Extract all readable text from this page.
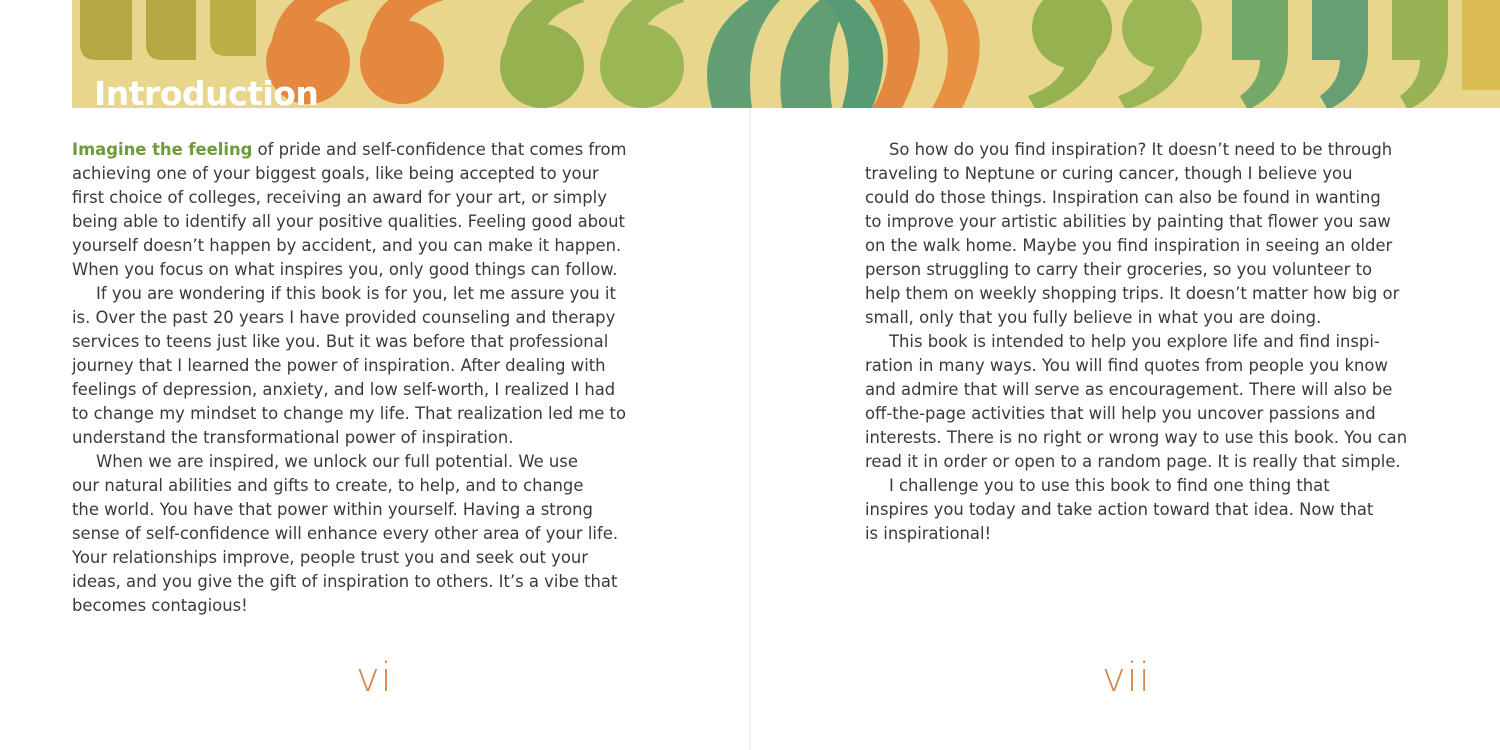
Introduction

Imagine the feeling of pride and self-confidence that comes from
achieving one of your biggest goals, like being accepted to your
first choice of colleges, receiving an award for your art, or simply
being able to identify all your positive qualities. Feeling good about
yourself doesn’t happen by accident, and you can make it happen.
When you focus on what inspires you, only good things can follow.

If you are wondering if this book is for you, let me assure you it
is. Over the past 20 years I have provided counseling and therapy
services to teens just like you. But it was before that professional
journey that I learned the power of inspiration. After dealing with
feelings of depression, anxiety, and low self-worth, I realized I had
to change my mindset to change my life. That realization led me to
understand the transformational power of inspiration.

When we are inspired, we unlock our full potential. We use
our natural abilities and gifts to create, to help, and to change
the world. You have that power within yourself. Having a strong
sense of self-confidence will enhance every other area of your life.
Your relationships improve, people trust you and seek out your
ideas, and you give the gift of inspiration to others. It’s a vibe that
becomes contagious!

So how do you find inspiration? It doesn’t need to be through
traveling to Neptune or curing cancer, though I believe you
could do those things. Inspiration can also be found in wanting
to improve your artistic abilities by painting that flower you saw
on the walk home. Maybe you find inspiration in seeing an older
person struggling to carry their groceries, so you volunteer to
help them on weekly shopping trips. It doesn’t matter how big or
small, only that you fully believe in what you are doing.

This book is intended to help you explore life and find inspi-
ration in many ways. You will find quotes from people you know
and admire that will serve as encouragement. There will also be
off-the-page activities that will help you uncover passions and
interests. There is no right or wrong way to use this book. You can
read it in order or open to a random page. It is really that simple.

I challenge you to use this book to find one thing that
inspires you today and take action toward that idea. Now that
is inspirational!

vi	vii
